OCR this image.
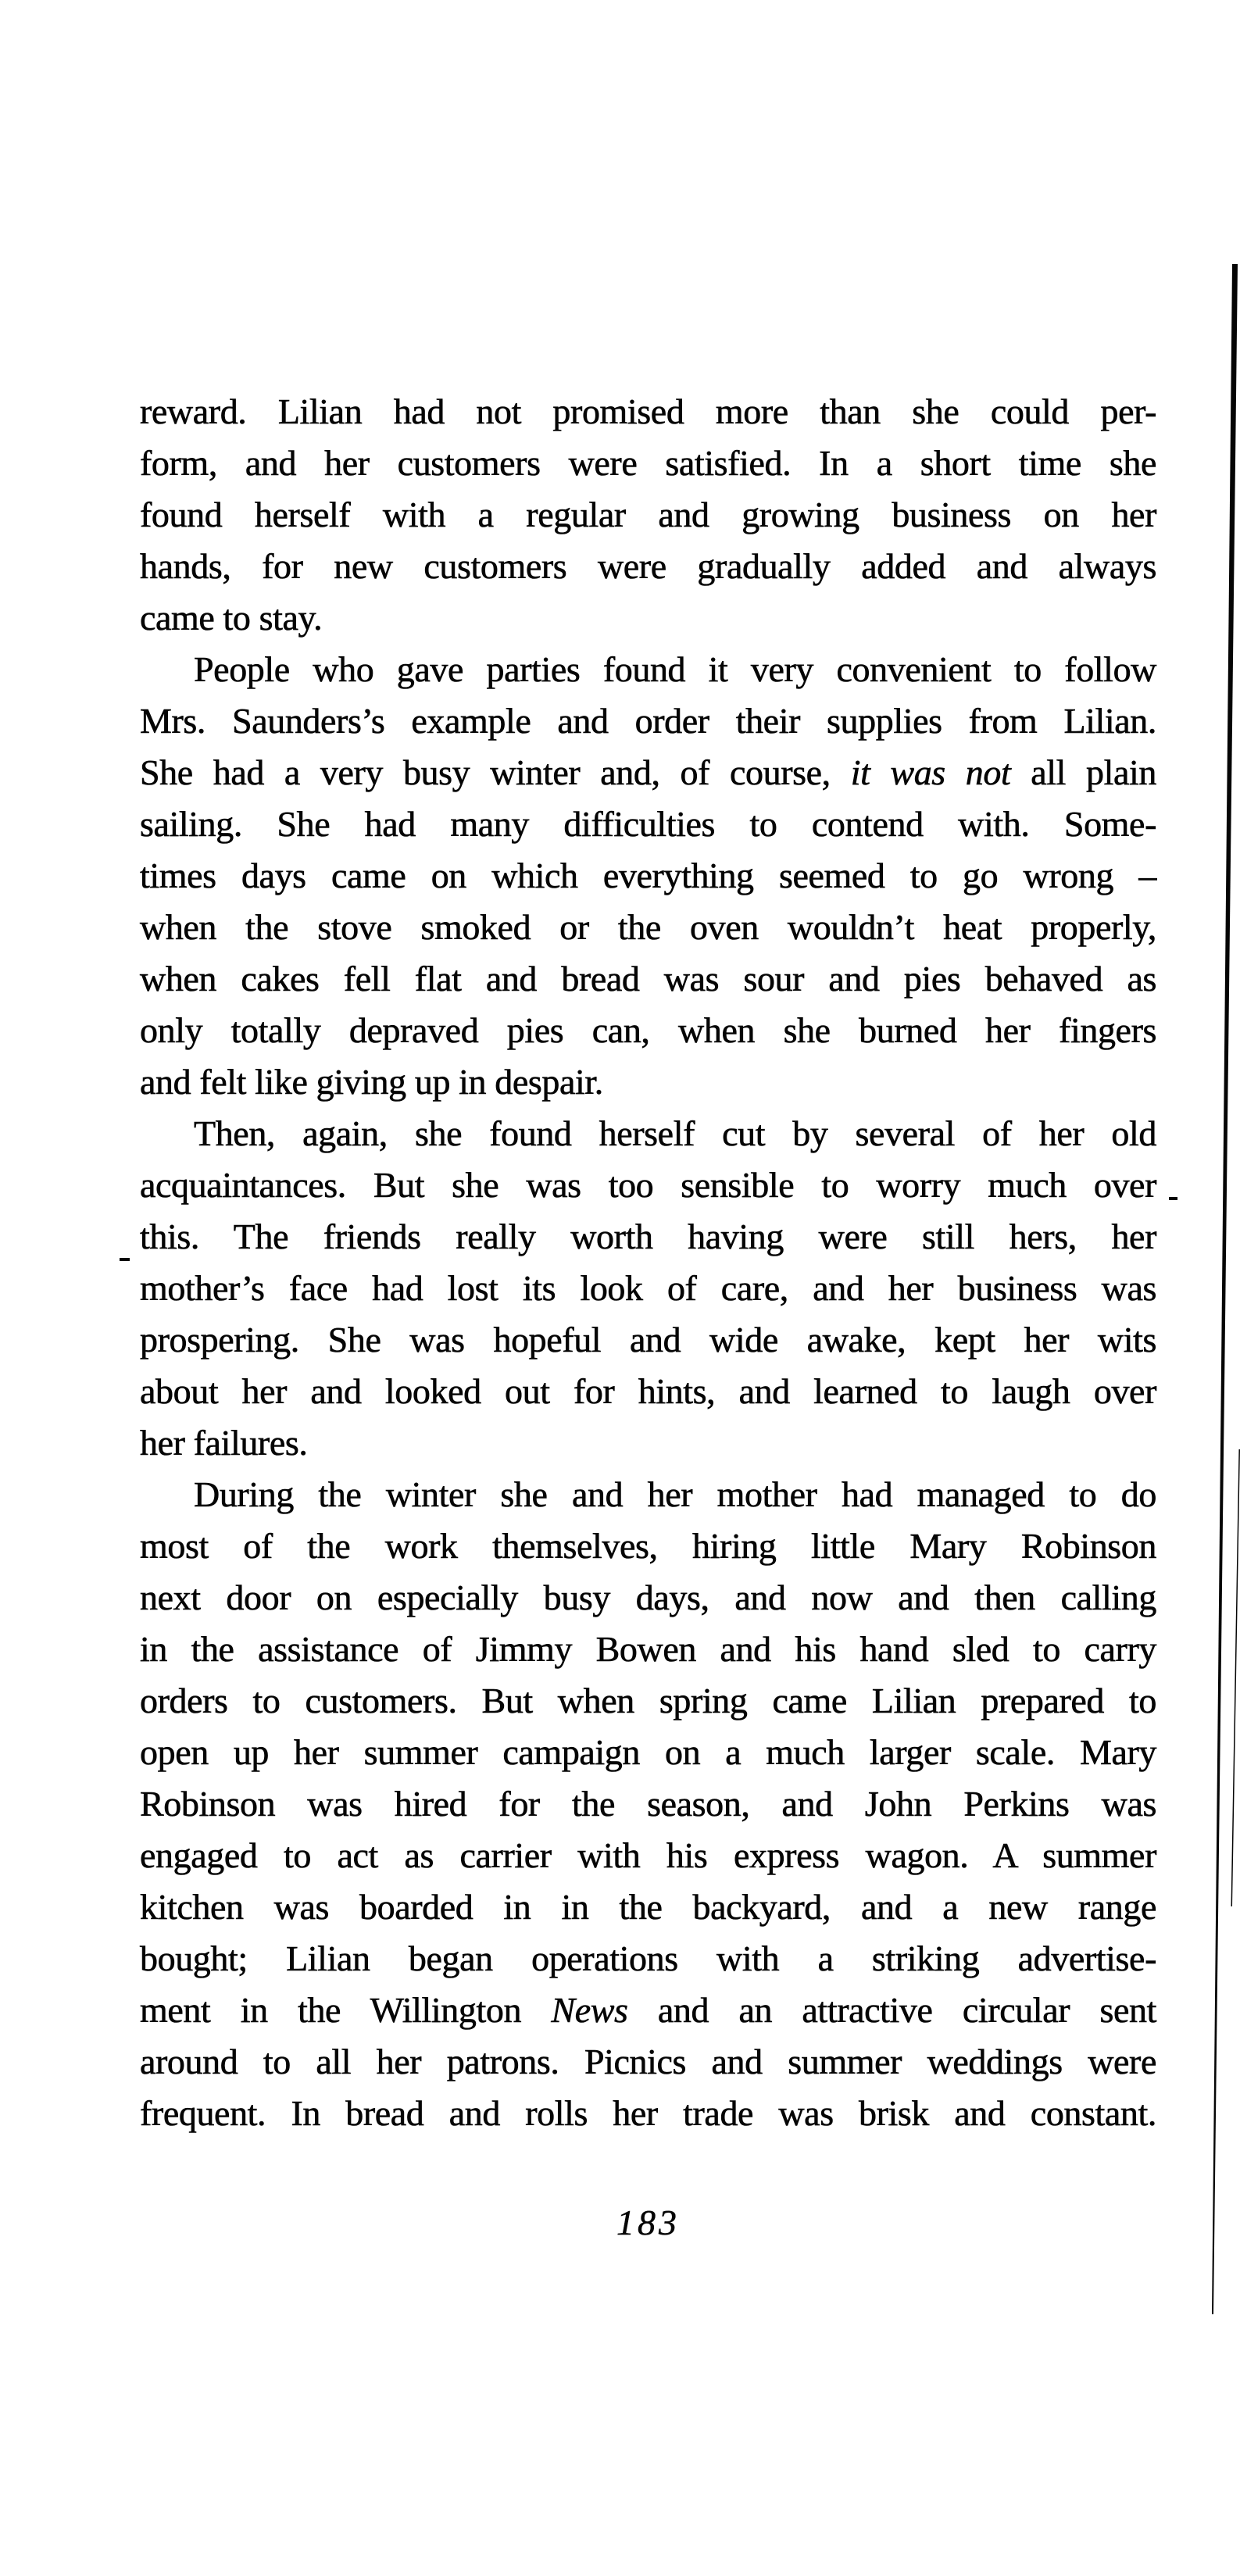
reward. Lilian had not promised more than she could per-
form, and her customers were satisfied. In a short time she
found herself with a regular and growing business on her
hands, for new customers were gradually added and always
came to stay.
People who gave parties found it very convenient to follow
Mrs. Saunders’s example and order their supplies from Lilian.
She had a very busy winter and, of course, it was not all plain
sailing. She had many difficulties to contend with. Some-
times days came on which everything seemed to go wrong –
when the stove smoked or the oven wouldn’t heat properly,
when cakes fell flat and bread was sour and pies behaved as
only totally depraved pies can, when she burned her fingers
and felt like giving up in despair.
Then, again, she found herself cut by several of her old
acquaintances. But she was too sensible to worry much over
this. The friends really worth having were still hers, her
mother’s face had lost its look of care, and her business was
prospering. She was hopeful and wide awake, kept her wits
about her and looked out for hints, and learned to laugh over
her failures.
During the winter she and her mother had managed to do
most of the work themselves, hiring little Mary Robinson
next door on especially busy days, and now and then calling
in the assistance of Jimmy Bowen and his hand sled to carry
orders to customers. But when spring came Lilian prepared to
open up her summer campaign on a much larger scale. Mary
Robinson was hired for the season, and John Perkins was
engaged to act as carrier with his express wagon. A summer
kitchen was boarded in in the backyard, and a new range
bought; Lilian began operations with a striking advertise-
ment in the Willington News and an attractive circular sent
around to all her patrons. Picnics and summer weddings were
frequent. In bread and rolls her trade was brisk and constant.
183
